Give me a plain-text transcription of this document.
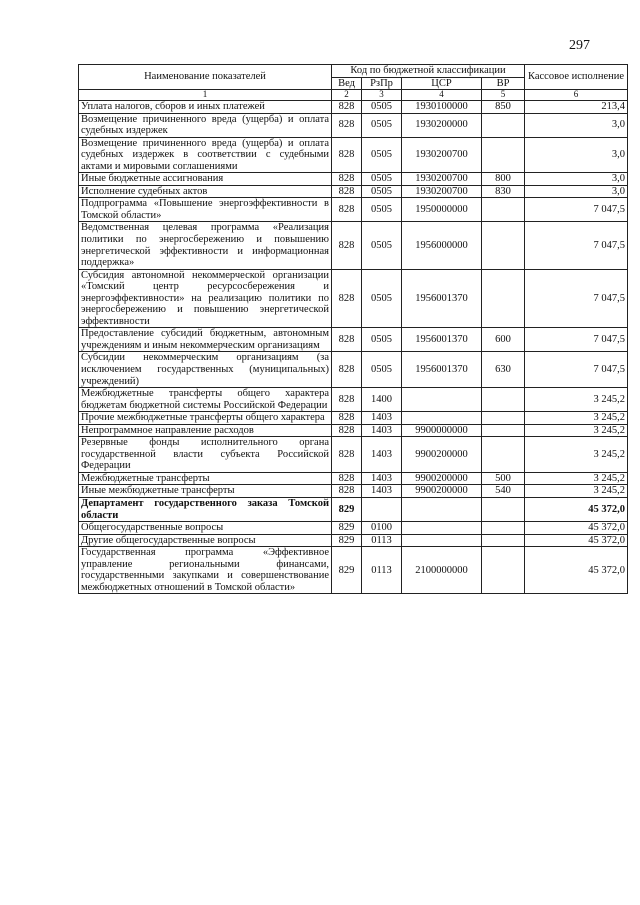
297
Наименование показателей	Код по бюджетной классификации				Кассовое исполнение
	Вед	РзПр	ЦСР	ВР	
1	2	3	4	5	6
Уплата налогов, сборов и иных платежей	828	0505	1930100000	850	213,4
Возмещение причиненного вреда (ущерба) и оплата судебных издержек	828	0505	1930200000		3,0
Возмещение причиненного вреда (ущерба) и оплата судебных издержек в соответствии с судебными актами и мировыми соглашениями	828	0505	1930200700		3,0
Иные бюджетные ассигнования	828	0505	1930200700	800	3,0
Исполнение судебных актов	828	0505	1930200700	830	3,0
Подпрограмма «Повышение энергоэффективности в Томской области»	828	0505	1950000000		7 047,5
Ведомственная целевая программа «Реализация политики по энергосбережению и повышению энергетической эффективности и информационная поддержка»	828	0505	1956000000		7 047,5
Субсидия автономной некоммерческой организации «Томский центр ресурсосбережения и энергоэффективности» на реализацию политики по энергосбережению и повышению энергетической эффективности	828	0505	1956001370		7 047,5
Предоставление субсидий бюджетным, автономным учреждениям и иным некоммерческим организациям	828	0505	1956001370	600	7 047,5
Субсидии некоммерческим организациям (за исключением государственных (муниципальных) учреждений)	828	0505	1956001370	630	7 047,5
Межбюджетные трансферты общего характера бюджетам бюджетной системы Российской Федерации	828	1400			3 245,2
Прочие межбюджетные трансферты общего характера	828	1403			3 245,2
Непрограммное направление расходов	828	1403	9900000000		3 245,2
Резервные фонды исполнительного органа государственной власти субъекта Российской Федерации	828	1403	9900200000		3 245,2
Межбюджетные трансферты	828	1403	9900200000	500	3 245,2
Иные межбюджетные трансферты	828	1403	9900200000	540	3 245,2
Департамент государственного заказа Томской области	829				45 372,0
Общегосударственные вопросы	829	0100			45 372,0
Другие общегосударственные вопросы	829	0113			45 372,0
Государственная программа «Эффективное управление региональными финансами, государственными закупками и совершенствование межбюджетных отношений в Томской области»	829	0113	2100000000		45 372,0
